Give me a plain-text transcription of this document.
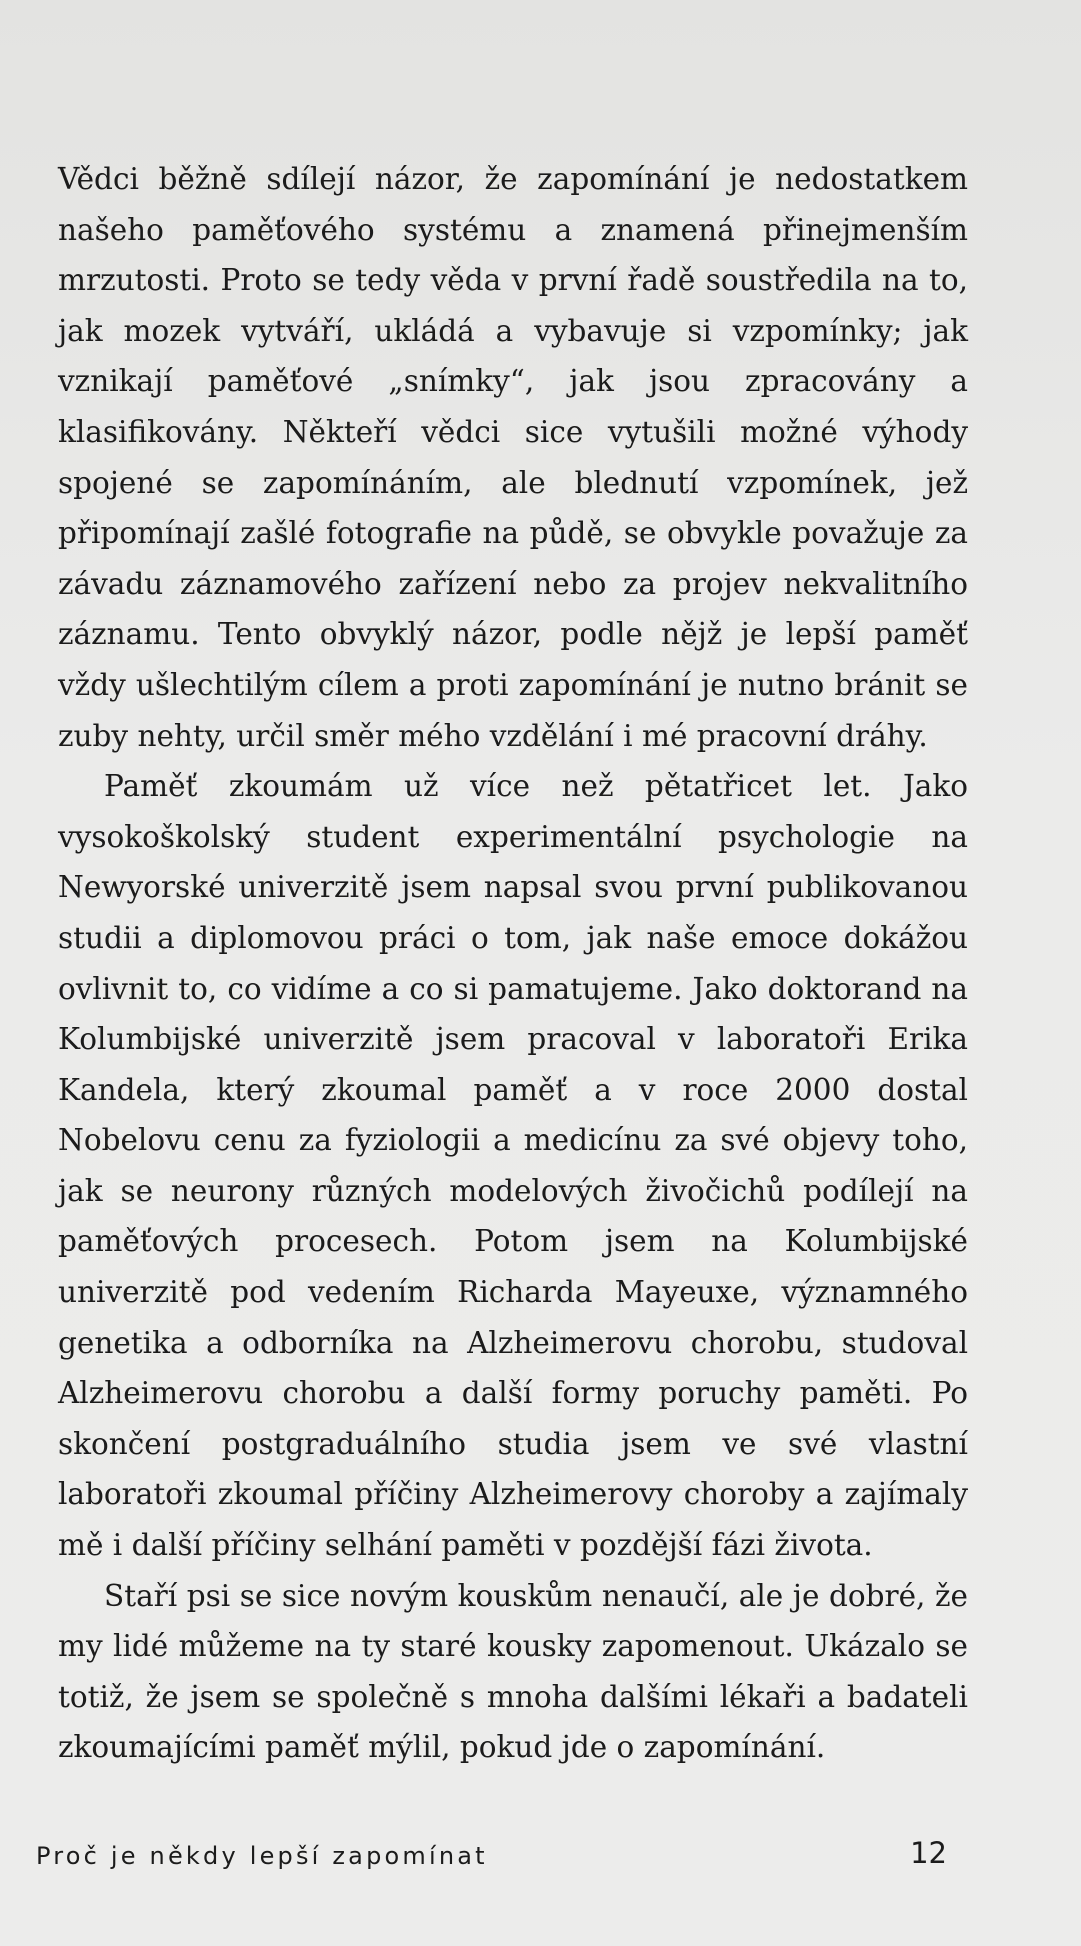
Vědci běžně sdílejí názor, že zapomínání je nedostatkem našeho paměťového systému a znamená přinejmenším mrzutosti. Proto se tedy věda v první řadě soustředila na to, jak mozek vytváří, ukládá a vybavuje si vzpomínky; jak vznikají paměťové „snímky“, jak jsou zpracovány a klasifikovány. Někteří vědci sice vytušili možné výhody spojené se zapomínáním, ale blednutí vzpomínek, jež připomínají zašlé fotografie na půdě, se obvykle považuje za závadu záznamového zařízení nebo za projev nekvalitního záznamu. Tento obvyklý názor, podle nějž je lepší paměť vždy ušlechtilým cílem a proti zapomínání je nutno bránit se zuby nehty, určil směr mého vzdělání i mé pracovní dráhy.

Paměť zkoumám už více než pětatřicet let. Jako vysokoškolský student experimentální psychologie na Newyorské univerzitě jsem napsal svou první publikovanou studii a diplomovou práci o tom, jak naše emoce dokážou ovlivnit to, co vidíme a co si pamatujeme. Jako doktorand na Kolumbijské univerzitě jsem pracoval v laboratoři Erika Kandela, který zkoumal paměť a v roce 2000 dostal Nobelovu cenu za fyziologii a medicínu za své objevy toho, jak se neurony různých modelových živočichů podílejí na paměťových procesech. Potom jsem na Kolumbijské univerzitě pod vedením Richarda Mayeuxe, významného genetika a odborníka na Alzheimerovu chorobu, studoval Alzheimerovu chorobu a další formy poruchy paměti. Po skončení postgraduálního studia jsem ve své vlastní laboratoři zkoumal příčiny Alzheimerovy choroby a zajímaly mě i další příčiny selhání paměti v pozdější fázi života.

Staří psi se sice novým kouskům nenaučí, ale je dobré, že my lidé můžeme na ty staré kousky zapomenout. Ukázalo se totiž, že jsem se společně s mnoha dalšími lékaři a badateli zkoumajícími paměť mýlil, pokud jde o zapomínání.

Proč je někdy lepší zapomínat	12
